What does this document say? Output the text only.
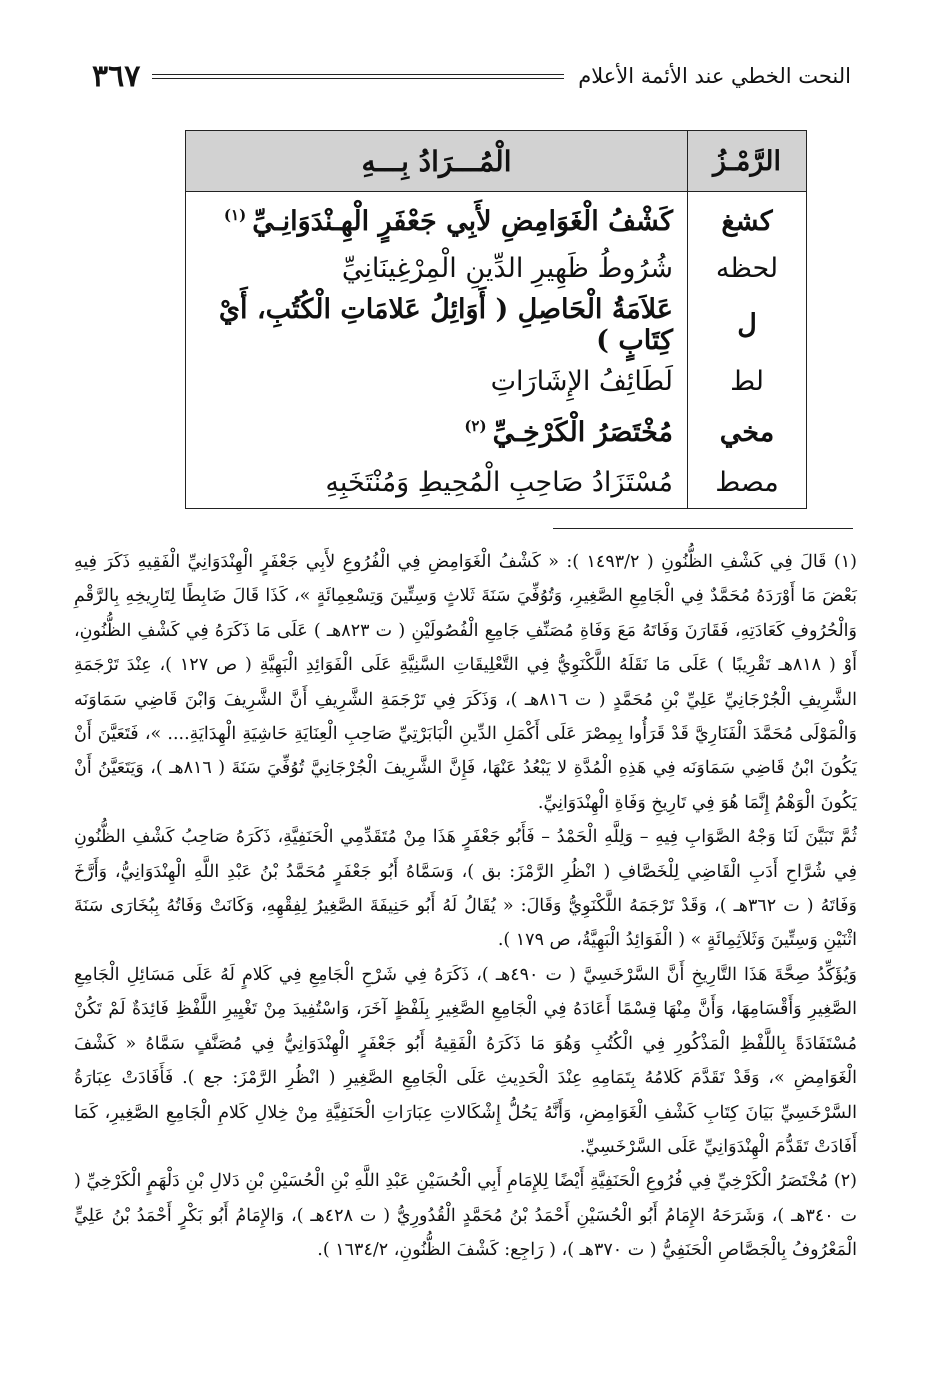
النحت الخطي عند الأئمة الأعلام
٣٦٧
الرَّمْـزُ	الْمُـــرَادُ بِـــهِ
كشغ	كَشْفُ الْغَوَامِضِ لأَبِي جَعْفَرٍ الْهِـنْدَوَانِـيِّ$^{(١)}$
لحظه	شُرُوطُ ظَهِيرِ الدِّينِ الْمِرْغِينَانِيِّ
ل	عَلاَمَةُ الْحَاصِلِ ( أَوَائِلُ عَلامَاتِ الْكُتُبِ، أَيْ كِتَابٍ )
لط	لَطَائِفُ الإِشَارَاتِ
مخي	مُخْتَصَرُ الْكَرْخِـيِّ$^{(٢)}$
مصط	مُسْتَزَادُ صَاحِبِ الْمُحِيطِ وَمُنْتَخَبِهِ

(١) قَالَ فِي كَشْفِ الظُّنُونِ ( ١٤٩٣/٢ ): « كَشْفُ الْغَوَامِضِ فِي الْفُرُوعِ لأَبِي جَعْفَرٍ الْهِنْدَوَانِيِّ الْفَقِيهِ ذَكَرَ فِيهِ بَعْضَ مَا أَوْرَدَهُ مُحَمَّدٌ فِي الْجَامِعِ الصَّغِيرِ، وَتُوُفِّيَ سَنَةَ ثَلاثٍ وَسِتِّينَ وَتِسْعِمِائَةٍ »، كَذَا قَالَ ضَابِطًا لِتَارِيخِهِ بِالرَّقْمِ وَالْحُرُوفِ كَعَادَتِهِ، فَقَارَنَ وَفَاتَهُ مَعَ وَفَاةِ مُصَنِّفِ جَامِعِ الْفُصُولَيْنِ ( ت ٨٢٣هـ ) عَلَى مَا ذَكَرَهُ فِي كَشْفِ الظُّنُونِ، أَوْ ( ٨١٨هـ تَقْرِيبًا ) عَلَى مَا نَقَلَهُ اللَّكْنَوِيُّ فِي التَّعْلِيقَاتِ السَّنِيَّةِ عَلَى الْفَوَائِدِ الْبَهِيَّةِ ( ص ١٢٧ )، عِنْدَ تَرْجَمَةِ الشَّرِيفِ الْجُرْجَانِيِّ عَلِيِّ بْنِ مُحَمَّدٍ ( ت ٨١٦هـ )، وَذَكَرَ فِي تَرْجَمَةِ الشَّرِيفِ أَنَّ الشَّرِيفَ وَابْنَ قَاضِي سَمَاوَنَه وَالْمَوْلَى مُحَمَّدَ الْفَنَارِيَّ قَدْ قَرَأُوا بِمِصْرَ عَلَى أَكْمَلِ الدِّينِ الْبَابَرْتِيِّ صَاحِبِ الْعِنَايَةِ حَاشِيَةِ الْهِدَايَةِ.... »، فَتَعَيَّنَ أَنْ يَكُونَ ابْنُ قَاضِي سَمَاوَنَه فِي هَذِهِ الْمُدَّةِ لا يَبْعُدُ عَنْهَا، فَإِنَّ الشَّرِيفَ الْجُرْجَانِيَّ تُوُفِّيَ سَنَةَ ( ٨١٦هـ )، وَيَتَعَيَّنُ أَنْ يَكُونَ الْوَهْمُ إِنَّمَا هُوَ فِي تَارِيخِ وَفَاةِ الْهِنْدَوَانِيِّ.

ثُمَّ تَبَيَّنَ لَنَا وَجْهُ الصَّوَابِ فِيهِ – وَلِلَّهِ الْحَمْدُ – فَأَبُو جَعْفَرٍ هَذَا مِنْ مُتَقَدِّمِي الْحَنَفِيَّةِ، ذَكَرَهُ صَاحِبُ كَشْفِ الظُّنُونِ فِي شُرَّاحِ أَدَبِ الْقَاضِي لِلْخَصَّافِ ( انْظُرِ الرَّمْزَ: بق )، وَسَمَّاهُ أَبُو جَعْفَرٍ مُحَمَّدُ بْنُ عَبْدِ اللَّهِ الْهِنْدَوَانِيُّ، وَأَرَّخَ وَفَاتَهُ ( ت ٣٦٢هـ )، وَقَدْ تَرْجَمَهُ اللَّكْنَوِيُّ وَقَالَ: « يُقَالُ لَهُ أَبُو حَنِيفَةَ الصَّغِيرُ لِفِقْهِهِ، وَكَانَتْ وَفَاتُهُ بِبُخَارَى سَنَةَ اثْنَيْنِ وَسِتِّينَ وَثَلاَثِمِائَةٍ » ( الْفَوَائِدُ الْبَهِيَّةُ، ص ١٧٩ ).

وَيُؤَكِّدُ صِحَّةَ هَذَا التَّارِيخِ أَنَّ السَّرْخَسِيَّ ( ت ٤٩٠هـ )، ذَكَرَهُ فِي شَرْحِ الْجَامِعِ فِي كَلامٍ لَهُ عَلَى مَسَائِلِ الْجَامِعِ الصَّغِيرِ وَأَقْسَامِهَا، وَأَنَّ مِنْهَا قِسْمًا أَعَادَهُ فِي الْجَامِعِ الصَّغِيرِ بِلَفْظٍ آخَرَ، وَاسْتُفِيدَ مِنْ تَغْيِيرِ اللَّفْظِ فَائِدَةٌ لَمْ تَكُنْ مُسْتَفَادَةً بِاللَّفْظِ الْمَذْكُورِ فِي الْكُتُبِ وَهُوَ مَا ذَكَرَهُ الْفَقِيهُ أَبُو جَعْفَرٍ الْهِنْدَوَانِيُّ فِي مُصَنَّفٍ سَمَّاهُ « كَشْفَ الْغَوَامِضِ »، وَقَدْ تَقَدَّمَ كَلامُهُ بِتَمَامِهِ عِنْدَ الْحَدِيثِ عَلَى الْجَامِعِ الصَّغِيرِ ( انْظُرِ الرَّمْزَ: جع ). فَأَفَادَتْ عِبَارَةُ السَّرْخَسِيِّ بَيَانَ كِتَابِ كَشْفِ الْغَوَامِضِ، وَأَنَّهُ يَحُلُّ إِشْكَالاتِ عِبَارَاتِ الْحَنَفِيَّةِ مِنْ خِلالِ كَلامِ الْجَامِعِ الصَّغِيرِ، كَمَا أَفَادَتْ تَقَدُّمَ الْهِنْدَوَانِيِّ عَلَى السَّرْخَسِيِّ.

(٢) مُخْتَصَرُ الْكَرْخِيِّ فِي فُرُوعِ الْحَنَفِيَّةِ أَيْضًا لِلإِمَامِ أَبِي الْحُسَيْنِ عَبْدِ اللَّهِ بْنِ الْحُسَيْنِ بْنِ دَلالِ بْنِ دَلْهَمٍ الْكَرْخِيِّ ( ت ٣٤٠هـ )، وَشَرَحَهُ الإِمَامُ أَبُو الْحُسَيْنِ أَحْمَدُ بْنُ مُحَمَّدٍ الْقُدُورِيُّ ( ت ٤٢٨هـ )، وَالإِمَامُ أَبُو بَكْرٍ أَحْمَدُ بْنُ عَلِيٍّ الْمَعْرُوفُ بِالْجَصَّاصِ الْحَنَفِيُّ ( ت ٣٧٠هـ )، ( رَاجِع: كَشْفَ الظُّنُونِ، ١٦٣٤/٢ ).
